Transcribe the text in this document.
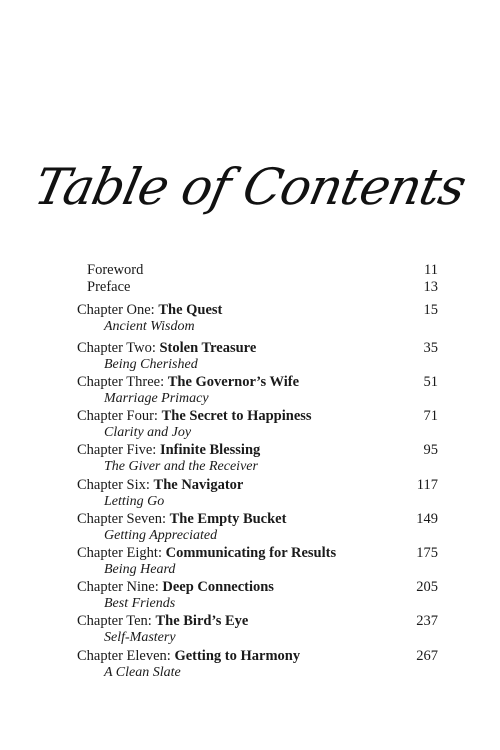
Table of Contents
Foreword	11
Preface	13
Chapter One: The Quest	15
Ancient Wisdom
Chapter Two: Stolen Treasure	35
Being Cherished
Chapter Three: The Governor’s Wife	51
Marriage Primacy
Chapter Four: The Secret to Happiness	71
Clarity and Joy
Chapter Five: Infinite Blessing	95
The Giver and the Receiver
Chapter Six: The Navigator	117
Letting Go
Chapter Seven: The Empty Bucket	149
Getting Appreciated
Chapter Eight: Communicating for Results	175
Being Heard
Chapter Nine: Deep Connections	205
Best Friends
Chapter Ten: The Bird’s Eye	237
Self-Mastery
Chapter Eleven: Getting to Harmony	267
A Clean Slate
